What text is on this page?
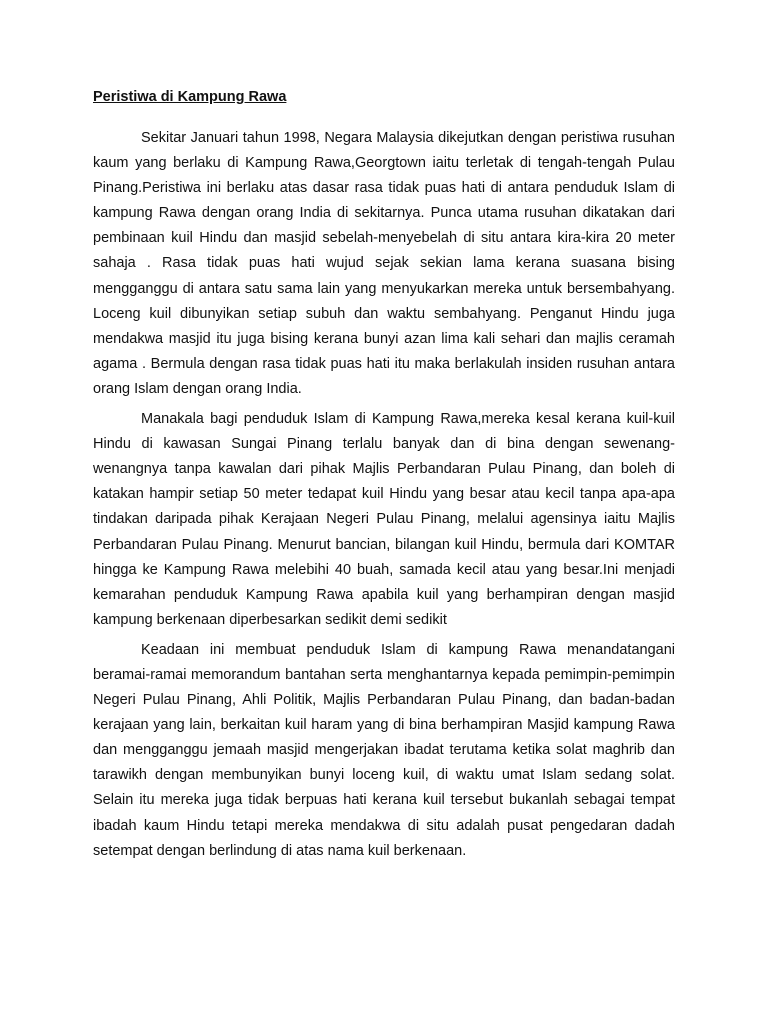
Peristiwa di Kampung Rawa

Sekitar Januari tahun 1998, Negara Malaysia dikejutkan dengan peristiwa rusuhan kaum yang berlaku di Kampung Rawa,Georgtown iaitu terletak di tengah-tengah Pulau Pinang.Peristiwa ini berlaku atas dasar rasa tidak puas hati di antara penduduk Islam di kampung Rawa dengan orang India di sekitarnya. Punca utama rusuhan dikatakan dari pembinaan kuil Hindu dan masjid sebelah-menyebelah di situ antara kira-kira 20 meter sahaja . Rasa tidak puas hati wujud sejak sekian lama kerana suasana bising mengganggu di antara satu sama lain yang menyukarkan mereka untuk bersembahyang. Loceng kuil dibunyikan setiap subuh dan waktu sembahyang. Penganut Hindu juga mendakwa masjid itu juga bising kerana bunyi azan lima kali sehari dan majlis ceramah agama . Bermula dengan rasa tidak puas hati itu maka berlakulah insiden rusuhan antara orang Islam dengan orang India.

Manakala bagi penduduk Islam di Kampung Rawa,mereka kesal kerana kuil-kuil Hindu di kawasan Sungai Pinang terlalu banyak dan di bina dengan sewenang-wenangnya tanpa kawalan dari pihak Majlis Perbandaran Pulau Pinang, dan boleh di katakan hampir setiap 50 meter tedapat kuil Hindu yang besar atau kecil tanpa apa-apa tindakan daripada pihak Kerajaan Negeri Pulau Pinang, melalui agensinya iaitu Majlis Perbandaran Pulau Pinang. Menurut bancian, bilangan kuil Hindu, bermula dari KOMTAR hingga ke Kampung Rawa melebihi 40 buah, samada kecil atau yang besar.Ini menjadi kemarahan penduduk Kampung Rawa apabila kuil yang berhampiran dengan masjid kampung berkenaan diperbesarkan sedikit demi sedikit

Keadaan ini membuat penduduk Islam di kampung Rawa menandatangani beramai-ramai memorandum bantahan serta menghantarnya kepada pemimpin-pemimpin Negeri Pulau Pinang, Ahli Politik, Majlis Perbandaran Pulau Pinang, dan badan-badan kerajaan yang lain, berkaitan kuil haram yang di bina berhampiran Masjid kampung Rawa dan mengganggu jemaah masjid mengerjakan ibadat terutama ketika solat maghrib dan tarawikh dengan membunyikan bunyi loceng kuil, di waktu umat Islam sedang solat. Selain itu mereka juga tidak berpuas hati kerana kuil tersebut bukanlah sebagai tempat ibadah kaum Hindu tetapi mereka mendakwa di situ adalah pusat pengedaran dadah setempat dengan berlindung di atas nama kuil berkenaan.
